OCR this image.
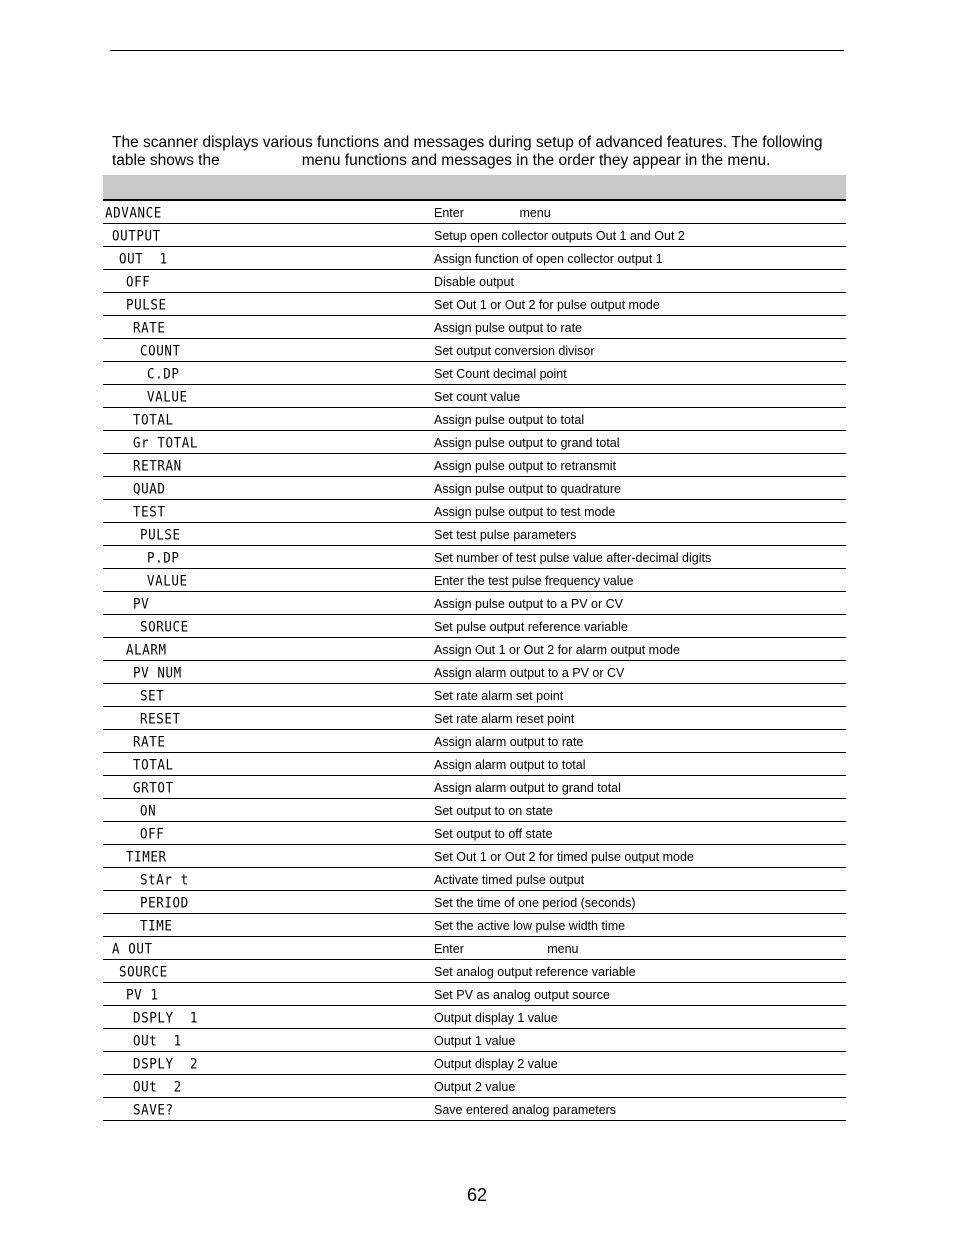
The scanner displays various functions and messages during setup of advanced features. The following
table shows the	menu functions and messages in the order they appear in the menu.
ADVANCE	Enter                menu
OUTPUT	Setup open collector outputs Out 1 and Out 2
OUT  1	Assign function of open collector output 1
OFF	Disable output
PULSE	Set Out 1 or Out 2 for pulse output mode
RATE	Assign pulse output to rate
COUNT	Set output conversion divisor
C.DP	Set Count decimal point
VALUE	Set count value
TOTAL	Assign pulse output to total
Gr TOTAL	Assign pulse output to grand total
RETRAN	Assign pulse output to retransmit
QUAD	Assign pulse output to quadrature
TEST	Assign pulse output to test mode
PULSE	Set test pulse parameters
P.DP	Set number of test pulse value after-decimal digits
VALUE	Enter the test pulse frequency value
PV	Assign pulse output to a PV or CV
SORUCE	Set pulse output reference variable
ALARM	Assign Out 1 or Out 2 for alarm output mode
PV NUM	Assign alarm output to a PV or CV
SET	Set rate alarm set point
RESET	Set rate alarm reset point
RATE	Assign alarm output to rate
TOTAL	Assign alarm output to total
GRTOT	Assign alarm output to grand total
ON	Set output to on state
OFF	Set output to off state
TIMER	Set Out 1 or Out 2 for timed pulse output mode
StAr t	Activate timed pulse output
PERIOD	Set the time of one period (seconds)
TIME	Set the active low pulse width time
A OUT	Enter                        menu
SOURCE	Set analog output reference variable
PV 1	Set PV as analog output source
DSPLY  1	Output display 1 value
OUt  1	Output 1 value
DSPLY  2	Output display 2 value
OUt  2	Output 2 value
SAVE?	Save entered analog parameters
62
